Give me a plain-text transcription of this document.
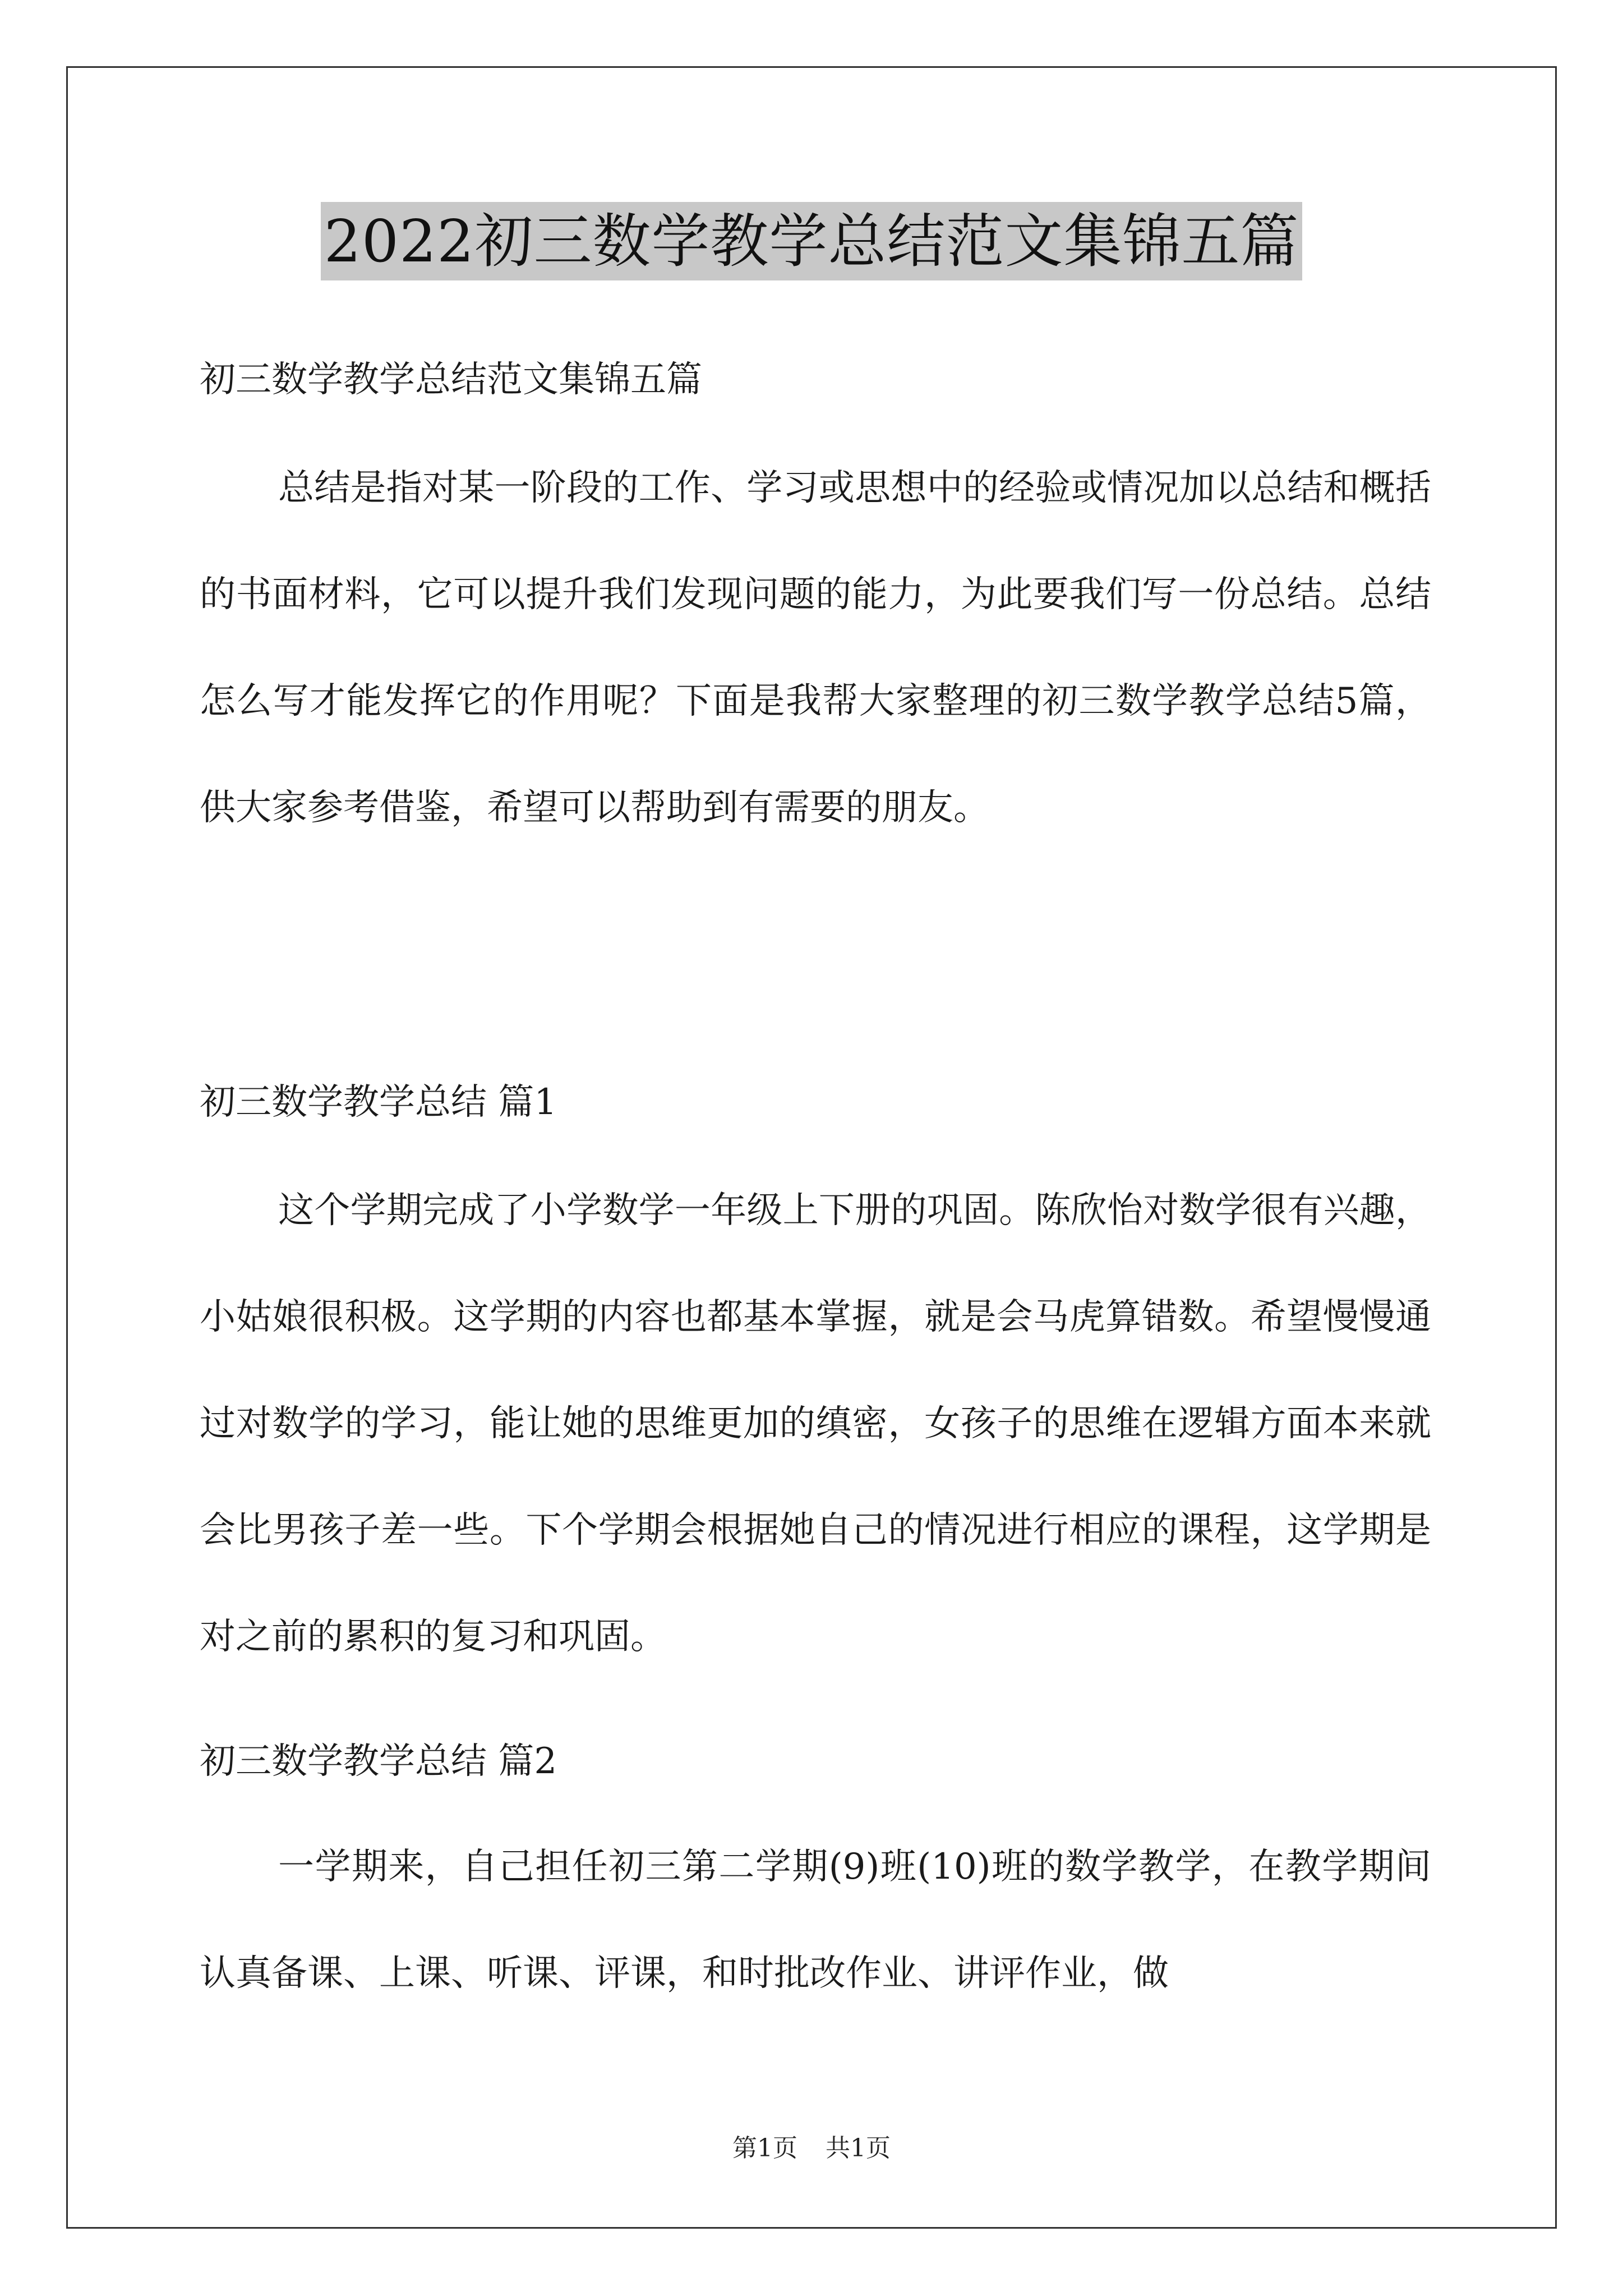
2022初三数学教学总结范文集锦五篇
初三数学教学总结范文集锦五篇

总结是指对某一阶段的工作、学习或思想中的经验或情况加以总结和概括的书面材料，它可以提升我们发现问题的能力，为此要我们写一份总结。总结怎么写才能发挥它的作用呢？下面是我帮大家整理的初三数学教学总结5篇，供大家参考借鉴，希望可以帮助到有需要的朋友。

初三数学教学总结 篇1

这个学期完成了小学数学一年级上下册的巩固。陈欣怡对数学很有兴趣，小姑娘很积极。这学期的内容也都基本掌握，就是会马虎算错数。希望慢慢通过对数学的学习，能让她的思维更加的缜密，女孩子的思维在逻辑方面本来就会比男孩子差一些。下个学期会根据她自己的情况进行相应的课程，这学期是对之前的累积的复习和巩固。

初三数学教学总结 篇2

一学期来，自己担任初三第二学期(9)班(10)班的数学教学，在教学期间认真备课、上课、听课、评课，和时批改作业、讲评作业，做

第1页 共1页
